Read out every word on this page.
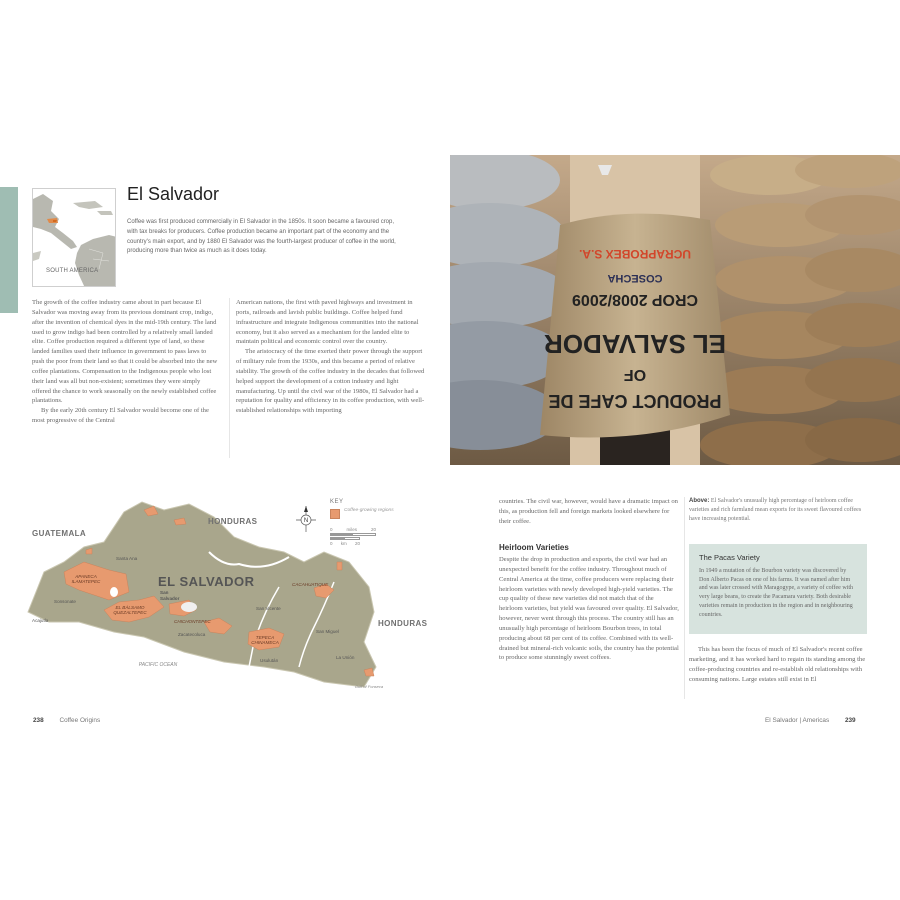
SOUTH AMERICA
El Salvador

Coffee was first produced commercially in El Salvador in the 1850s. It soon became a favoured crop, with tax breaks for producers. Coffee production became an important part of the economy and the country's main export, and by 1880 El Salvador was the fourth-largest producer of coffee in the world, producing more than twice as much as it does today.

The growth of the coffee industry came about in part because El Salvador was moving away from its previous dominant crop, indigo, after the invention of chemical dyes in the mid-19th century. The land used to grow indigo had been controlled by a relatively small landed elite. Coffee production required a different type of land, so these landed families used their influence in government to pass laws to push the poor from their land so that it could be absorbed into the new coffee plantations. Compensation to the Indigenous people who lost their land was all but non-existent; sometimes they were simply offered the chance to work seasonally on the newly established coffee plantations.

By the early 20th century El Salvador would become one of the most progressive of the Central

American nations, the first with paved highways and investment in ports, railroads and lavish public buildings. Coffee helped fund infrastructure and integrate Indigenous communities into the national economy, but it also served as a mechanism for the landed elite to maintain political and economic control over the country.

The aristocracy of the time exerted their power through the support of military rule from the 1930s, and this became a period of relative stability. The growth of the coffee industry in the decades that followed helped support the development of a cotton industry and light manufacturing. Up until the civil war of the 1980s, El Salvador had a reputation for quality and efficiency in its coffee production, with well-established relationships with importing

UCRAPROBEX S.A.
COSECHA
CROP 2008/2009
EL SALVADOR
OF
PRODUCT CAFE DE
N
GUATEMALA
HONDURAS
HONDURAS
EL SALVADOR
PACIFIC OCEAN
Gulf of Fonseca
Santa Ana
Sonsonate
Acajutla
San Salvador
Zacatecoluca
San Vicente
Usulután
San Miguel
La Unión
APANECA ILAMATEPEC
EL BÁLSAMO QUEZALTEPEC
CHICHONTEPEC
TEPECA CHINAMECA
CACAHUATIQUE
KEY
Coffee-growing regions
0	miles	20
0 km 20

countries. The civil war, however, would have a dramatic impact on this, as production fell and foreign markets looked elsewhere for their coffee.

Heirloom Varieties

Despite the drop in production and exports, the civil war had an unexpected benefit for the coffee industry. Throughout much of Central America at the time, coffee producers were replacing their heirloom varieties with newly developed high-yield varieties. The cup quality of these new varieties did not match that of the heirloom varieties, but yield was favoured over quality. El Salvador, however, never went through this process. The country still has an unusually high percentage of heirloom Bourbon trees, in total producing about 68 per cent of its coffee. Combined with its well-drained but mineral-rich volcanic soils, the country has the potential to produce some stunningly sweet coffees.

Above: El Salvador's unusually high percentage of heirloom coffee varieties and rich farmland mean exports for its sweet flavoured coffees have increasing potential.

The Pacas Variety

In 1949 a mutation of the Bourbon variety was discovered by Don Alberto Pacas on one of his farms. It was named after him and was later crossed with Maragogype, a variety of coffee with very large beans, to create the Pacamara variety. Both desirable varieties remain in production in the region and in neighbouring countries.

This has been the focus of much of El Salvador's recent coffee marketing, and it has worked hard to regain its standing among the coffee-producing countries and re-establish old relationships with consuming nations. Large estates still exist in El

238 Coffee Origins	El Salvador | Americas 239
